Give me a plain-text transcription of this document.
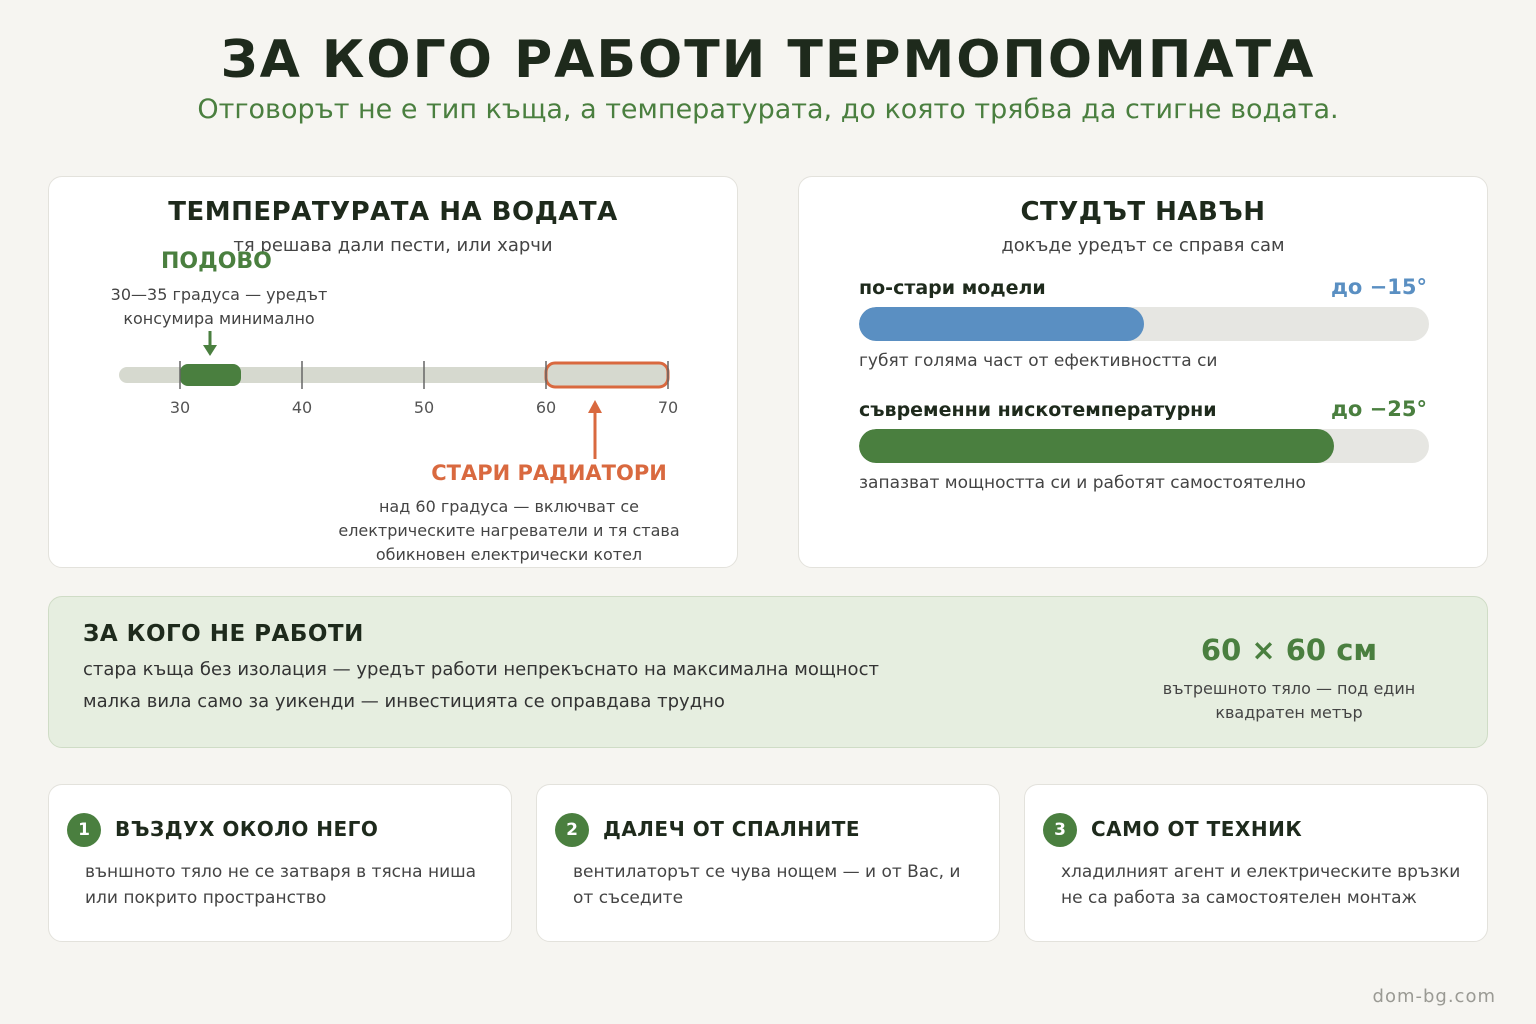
ЗА КОГО РАБОТИ ТЕРМОПОМПАТА
Отговорът не е тип къща, а температурата, до която трябва да стигне водата.
ТЕМПЕРАТУРАТА НА ВОДАТА
тя решава дали пести, или харчи
ПОДОВО
30—35 градуса — уредът консумира минимално
30	40	50	60	70
СТАРИ РАДИАТОРИ
над 60 градуса — включват се електрическите нагреватели и тя става обикновен електрически котел
СТУДЪТ НАВЪН
докъде уредът се справя сам
по-стари модели	до −15°
губят голяма част от ефективността си
съвременни нискотемпературни	до −25°
запазват мощността си и работят самостоятелно
ЗА КОГО НЕ РАБОТИ
стара къща без изолация — уредът работи непрекъснато на максимална мощност
малка вила само за уикенди — инвестицията се оправдава трудно
60 × 60 см
вътрешното тяло — под един квадратен метър
1	ВЪЗДУХ ОКОЛО НЕГО
външното тяло не се затваря в тясна ниша или покрито пространство
2	ДАЛЕЧ ОТ СПАЛНИТЕ
вентилаторът се чува нощем — и от Вас, и от съседите
3	САМО ОТ ТЕХНИК
хладилният агент и електрическите връзки не са работа за самостоятелен монтаж
dom-bg.com
